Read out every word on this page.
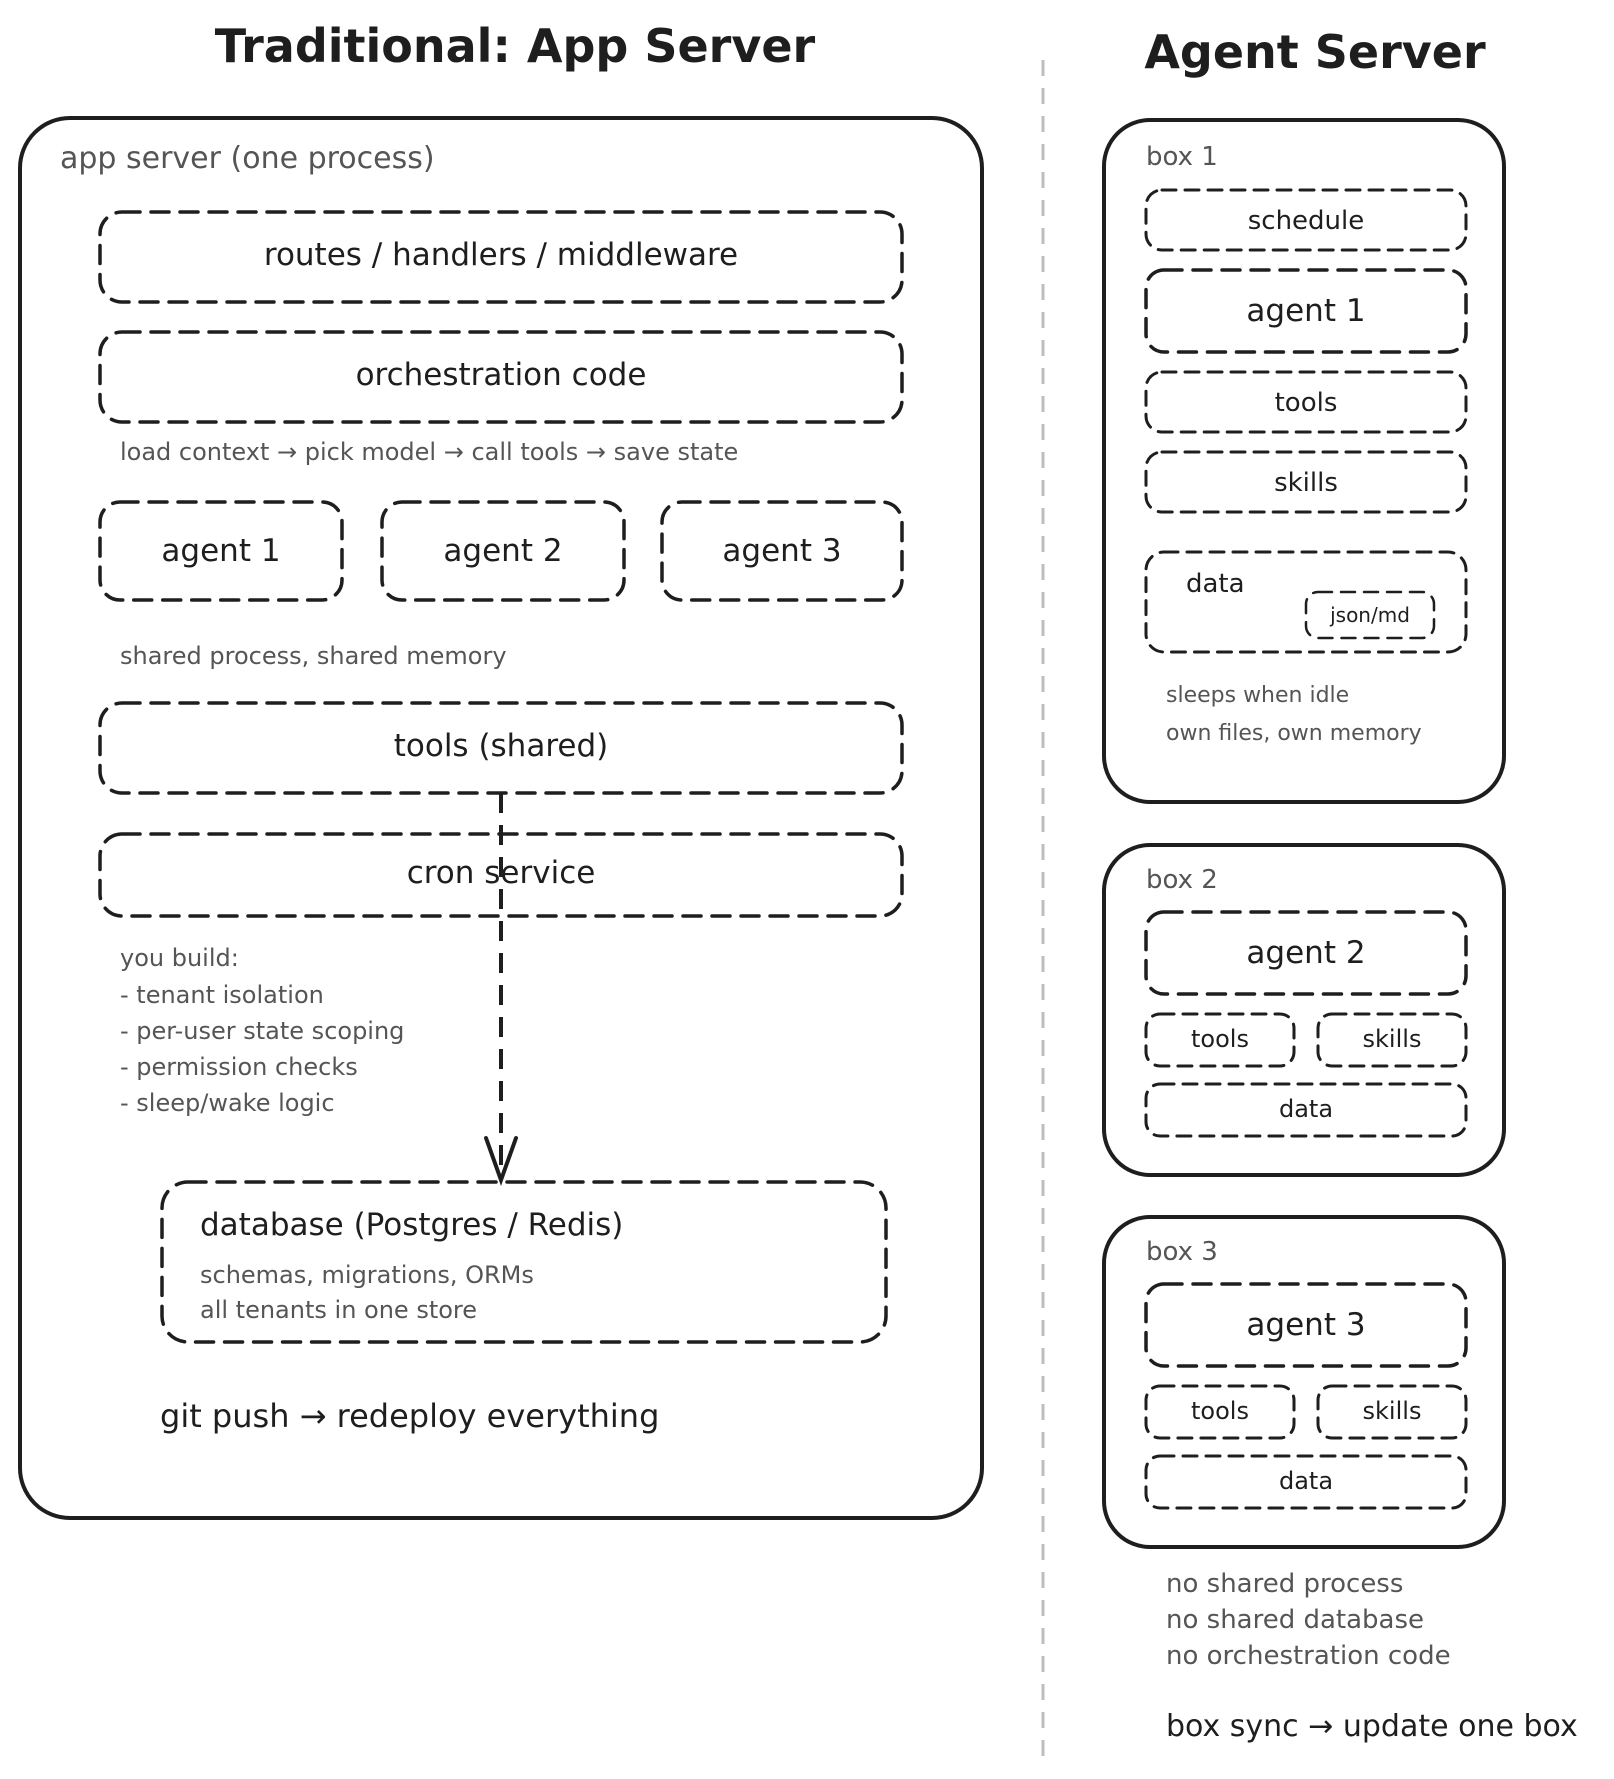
Traditional: App Server	Agent Server
app server (one process)
routes / handlers / middleware
orchestration code
load context → pick model → call tools → save state
agent 1	agent 2	agent 3
shared process, shared memory
tools (shared)
cron service
you build:
- tenant isolation
- per-user state scoping
- permission checks
- sleep/wake logic
database (Postgres / Redis)
schemas, migrations, ORMs
all tenants in one store
git push → redeploy everything
box 1
schedule
agent 1
tools
skills
data
json/md
sleeps when idle
own files, own memory
box 2
agent 2
tools	skills
data
box 3
agent 3
tools	skills
data
no shared process
no shared database
no orchestration code
box sync → update one box
